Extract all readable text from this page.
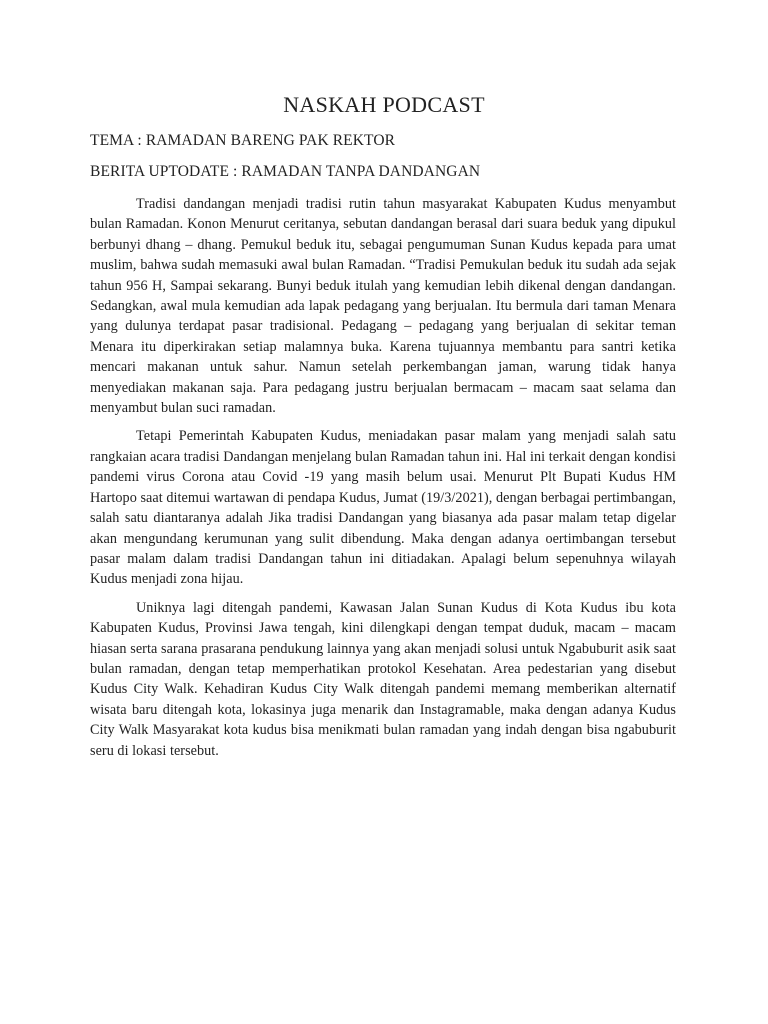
NASKAH PODCAST

TEMA : RAMADAN BARENG PAK REKTOR

BERITA UPTODATE : RAMADAN TANPA DANDANGAN

Tradisi dandangan menjadi tradisi rutin tahun masyarakat Kabupaten Kudus menyambut bulan Ramadan. Konon Menurut ceritanya, sebutan dandangan berasal dari suara beduk yang dipukul berbunyi dhang – dhang. Pemukul beduk itu, sebagai pengumuman Sunan Kudus kepada para umat muslim, bahwa sudah memasuki awal bulan Ramadan. “Tradisi Pemukulan beduk itu sudah ada sejak tahun 956 H, Sampai sekarang. Bunyi beduk itulah yang kemudian lebih dikenal dengan dandangan. Sedangkan, awal mula kemudian ada lapak pedagang yang berjualan. Itu bermula dari taman Menara yang dulunya terdapat pasar tradisional. Pedagang – pedagang yang berjualan di sekitar teman Menara itu diperkirakan setiap malamnya buka. Karena tujuannya membantu para santri ketika mencari makanan untuk sahur. Namun setelah perkembangan jaman, warung tidak hanya menyediakan makanan saja. Para pedagang justru berjualan bermacam – macam saat selama dan menyambut bulan suci ramadan.

Tetapi Pemerintah Kabupaten Kudus, meniadakan pasar malam yang menjadi salah satu rangkaian acara tradisi Dandangan menjelang bulan Ramadan tahun ini. Hal ini terkait dengan kondisi pandemi virus Corona atau Covid -19 yang masih belum usai. Menurut Plt Bupati Kudus HM Hartopo saat ditemui wartawan di pendapa Kudus, Jumat (19/3/2021), dengan berbagai pertimbangan, salah satu diantaranya adalah Jika tradisi Dandangan yang biasanya ada pasar malam tetap digelar akan mengundang kerumunan yang sulit dibendung. Maka dengan adanya oertimbangan tersebut pasar malam dalam tradisi Dandangan tahun ini ditiadakan. Apalagi belum sepenuhnya wilayah Kudus menjadi zona hijau.

Uniknya lagi ditengah pandemi, Kawasan Jalan Sunan Kudus di Kota Kudus ibu kota Kabupaten Kudus, Provinsi Jawa tengah, kini dilengkapi dengan tempat duduk, macam – macam hiasan serta sarana prasarana pendukung lainnya yang akan menjadi solusi untuk Ngabuburit asik saat bulan ramadan, dengan tetap memperhatikan protokol Kesehatan. Area pedestarian yang disebut Kudus City Walk. Kehadiran Kudus City Walk ditengah pandemi memang memberikan alternatif wisata baru ditengah kota, lokasinya juga menarik dan Instagramable, maka dengan adanya Kudus City Walk Masyarakat kota kudus bisa menikmati bulan ramadan yang indah dengan bisa ngabuburit seru di lokasi tersebut.
